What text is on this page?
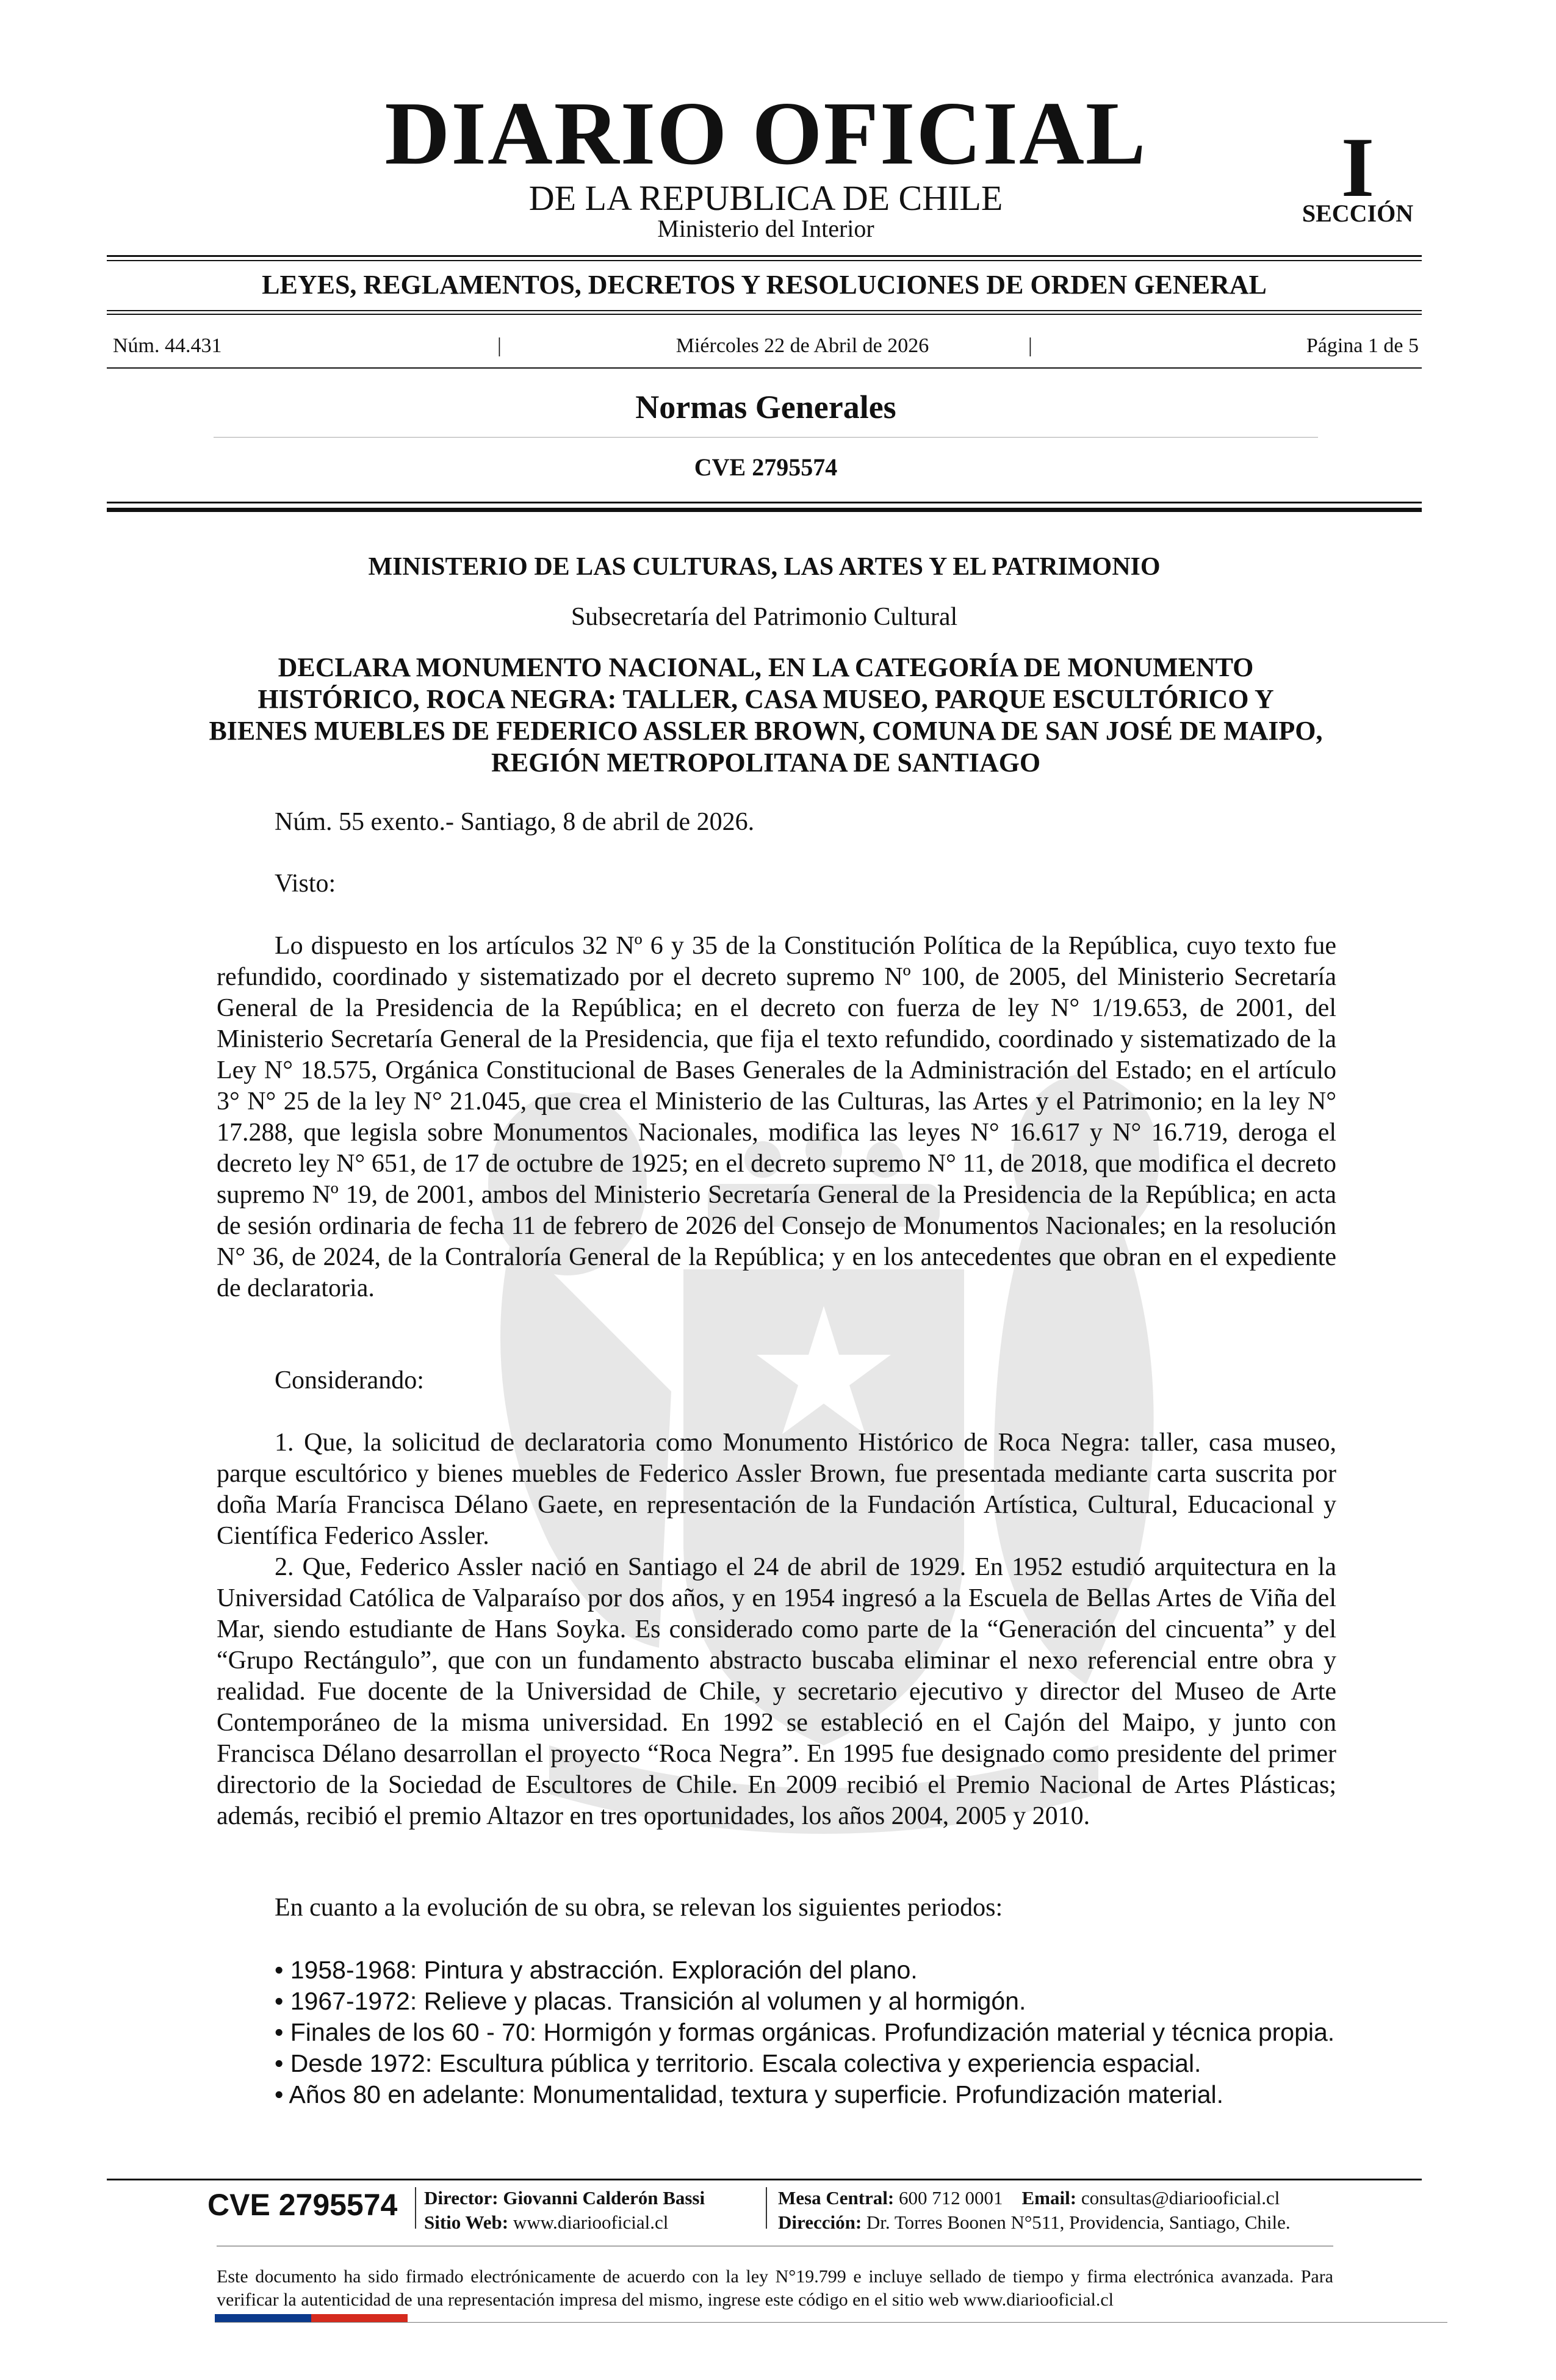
DIARIO OFICIAL
DE LA REPUBLICA DE CHILE
Ministerio del Interior
I
SECCIÓN
LEYES, REGLAMENTOS, DECRETOS Y RESOLUCIONES DE ORDEN GENERAL
Núm. 44.431	|	Miércoles 22 de Abril de 2026	|	Página 1 de 5
Normas Generales
CVE 2795574
MINISTERIO DE LAS CULTURAS, LAS ARTES Y EL PATRIMONIO
Subsecretaría del Patrimonio Cultural
DECLARA MONUMENTO NACIONAL, EN LA CATEGORÍA DE MONUMENTO HISTÓRICO, ROCA NEGRA: TALLER, CASA MUSEO, PARQUE ESCULTÓRICO Y BIENES MUEBLES DE FEDERICO ASSLER BROWN, COMUNA DE SAN JOSÉ DE MAIPO, REGIÓN METROPOLITANA DE SANTIAGO
Núm. 55 exento.- Santiago, 8 de abril de 2026.
Visto:

Lo dispuesto en los artículos 32 Nº 6 y 35 de la Constitución Política de la República, cuyo texto fue refundido, coordinado y sistematizado por el decreto supremo Nº 100, de 2005, del Ministerio Secretaría General de la Presidencia de la República; en el decreto con fuerza de ley N° 1/19.653, de 2001, del Ministerio Secretaría General de la Presidencia, que fija el texto refundido, coordinado y sistematizado de la Ley N° 18.575, Orgánica Constitucional de Bases Generales de la Administración del Estado; en el artículo 3° N° 25 de la ley N° 21.045, que crea el Ministerio de las Culturas, las Artes y el Patrimonio; en la ley N° 17.288, que legisla sobre Monumentos Nacionales, modifica las leyes N° 16.617 y N° 16.719, deroga el decreto ley N° 651, de 17 de octubre de 1925; en el decreto supremo N° 11, de 2018, que modifica el decreto supremo Nº 19, de 2001, ambos del Ministerio Secretaría General de la Presidencia de la República; en acta de sesión ordinaria de fecha 11 de febrero de 2026 del Consejo de Monumentos Nacionales; en la resolución N° 36, de 2024, de la Contraloría General de la República; y en los antecedentes que obran en el expediente de declaratoria.

Considerando:

1. Que, la solicitud de declaratoria como Monumento Histórico de Roca Negra: taller, casa museo, parque escultórico y bienes muebles de Federico Assler Brown, fue presentada mediante carta suscrita por doña María Francisca Délano Gaete, en representación de la Fundación Artística, Cultural, Educacional y Científica Federico Assler.

2. Que, Federico Assler nació en Santiago el 24 de abril de 1929. En 1952 estudió arquitectura en la Universidad Católica de Valparaíso por dos años, y en 1954 ingresó a la Escuela de Bellas Artes de Viña del Mar, siendo estudiante de Hans Soyka. Es considerado como parte de la “Generación del cincuenta” y del “Grupo Rectángulo”, que con un fundamento abstracto buscaba eliminar el nexo referencial entre obra y realidad. Fue docente de la Universidad de Chile, y secretario ejecutivo y director del Museo de Arte Contemporáneo de la misma universidad. En 1992 se estableció en el Cajón del Maipo, y junto con Francisca Délano desarrollan el proyecto “Roca Negra”. En 1995 fue designado como presidente del primer directorio de la Sociedad de Escultores de Chile. En 2009 recibió el Premio Nacional de Artes Plásticas; además, recibió el premio Altazor en tres oportunidades, los años 2004, 2005 y 2010.

En cuanto a la evolución de su obra, se relevan los siguientes periodos:
• 1958-1968: Pintura y abstracción. Exploración del plano.
• 1967-1972: Relieve y placas. Transición al volumen y al hormigón.
• Finales de los 60 - 70: Hormigón y formas orgánicas. Profundización material y técnica propia.
• Desde 1972: Escultura pública y territorio. Escala colectiva y experiencia espacial.
• Años 80 en adelante: Monumentalidad, textura y superficie. Profundización material.
CVE 2795574	Director: Giovanni Calderón Bassi
Sitio Web: www.diariooficial.cl
Mesa Central: 600 712 0001 Email: consultas@diariooficial.cl
Dirección: Dr. Torres Boonen N°511, Providencia, Santiago, Chile.
Este documento ha sido firmado electrónicamente de acuerdo con la ley N°19.799 e incluye sellado de tiempo y firma electrónica avanzada. Para verificar la autenticidad de una representación impresa del mismo, ingrese este código en el sitio web www.diariooficial.cl
